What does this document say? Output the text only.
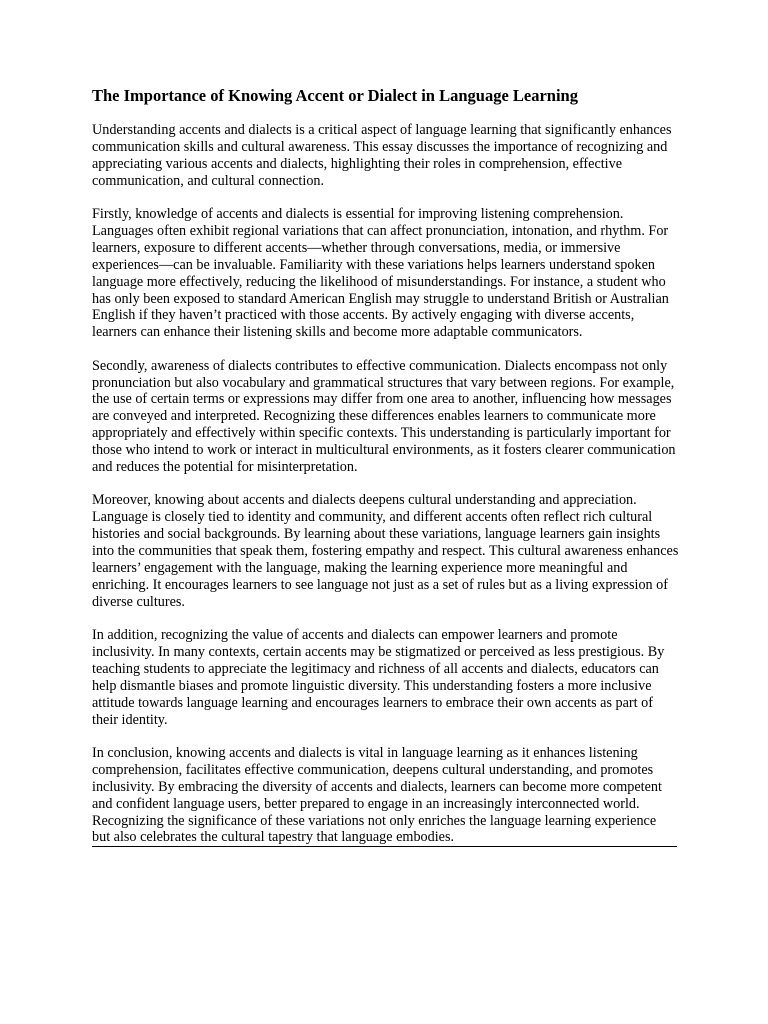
The Importance of Knowing Accent or Dialect in Language Learning

Understanding accents and dialects is a critical aspect of language learning that significantly enhances communication skills and cultural awareness. This essay discusses the importance of recognizing and appreciating various accents and dialects, highlighting their roles in comprehension, effective communication, and cultural connection.

Firstly, knowledge of accents and dialects is essential for improving listening comprehension. Languages often exhibit regional variations that can affect pronunciation, intonation, and rhythm. For learners, exposure to different accents—whether through conversations, media, or immersive experiences—can be invaluable. Familiarity with these variations helps learners understand spoken language more effectively, reducing the likelihood of misunderstandings. For instance, a student who has only been exposed to standard American English may struggle to understand British or Australian English if they haven’t practiced with those accents. By actively engaging with diverse accents, learners can enhance their listening skills and become more adaptable communicators.

Secondly, awareness of dialects contributes to effective communication. Dialects encompass not only pronunciation but also vocabulary and grammatical structures that vary between regions. For example, the use of certain terms or expressions may differ from one area to another, influencing how messages are conveyed and interpreted. Recognizing these differences enables learners to communicate more appropriately and effectively within specific contexts. This understanding is particularly important for those who intend to work or interact in multicultural environments, as it fosters clearer communication and reduces the potential for misinterpretation.

Moreover, knowing about accents and dialects deepens cultural understanding and appreciation. Language is closely tied to identity and community, and different accents often reflect rich cultural histories and social backgrounds. By learning about these variations, language learners gain insights into the communities that speak them, fostering empathy and respect. This cultural awareness enhances learners’ engagement with the language, making the learning experience more meaningful and enriching. It encourages learners to see language not just as a set of rules but as a living expression of diverse cultures.

In addition, recognizing the value of accents and dialects can empower learners and promote inclusivity. In many contexts, certain accents may be stigmatized or perceived as less prestigious. By teaching students to appreciate the legitimacy and richness of all accents and dialects, educators can help dismantle biases and promote linguistic diversity. This understanding fosters a more inclusive attitude towards language learning and encourages learners to embrace their own accents as part of their identity.

In conclusion, knowing accents and dialects is vital in language learning as it enhances listening comprehension, facilitates effective communication, deepens cultural understanding, and promotes inclusivity. By embracing the diversity of accents and dialects, learners can become more competent and confident language users, better prepared to engage in an increasingly interconnected world. Recognizing the significance of these variations not only enriches the language learning experience but also celebrates the cultural tapestry that language embodies.
